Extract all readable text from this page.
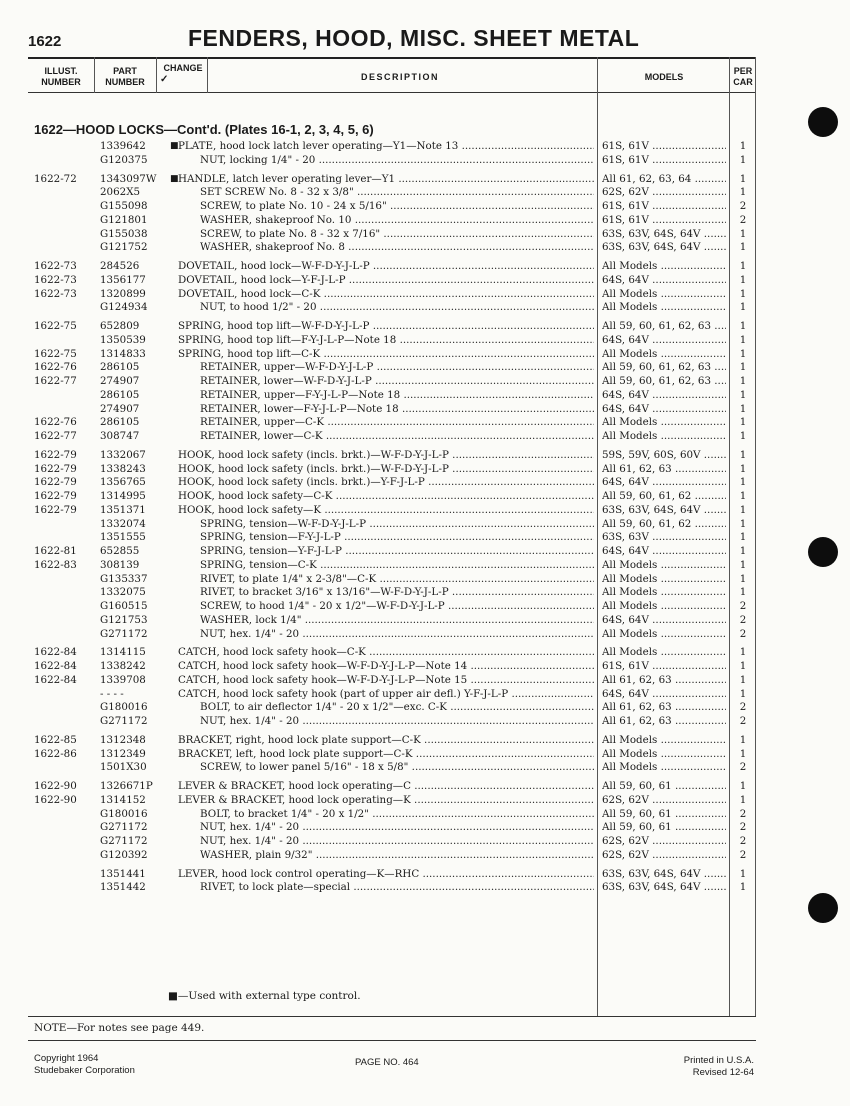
1622	FENDERS, HOOD, MISC. SHEET METAL
ILLUST.
NUMBER
PART
NUMBER
CHANGE
✓	DESCRIPTION	MODELS
PER
CAR
1622—HOOD LOCKS—Cont'd. (Plates 16-1, 2, 3, 4, 5, 6)
1339642	■ PLATE, hood lock latch lever operating—Y1—Note 13 .....	61S, 61V .....	1
G120375	NUT, locking 1/4" - 20 .....	61S, 61V .....	1
1622-72	1343097W ■ HANDLE, latch lever operating lever—Y1 .....	All 61, 62, 63, 64 .....	1
2062X5	SET SCREW No. 8 - 32 x 3/8" .....	62S, 62V .....	1
G155098	SCREW, to plate No. 10 - 24 x 5/16" .....	61S, 61V .....	2
G121801	WASHER, shakeproof No. 10 .....	61S, 61V .....	2
G155038	SCREW, to plate No. 8 - 32 x 7/16" .....	63S, 63V, 64S, 64V .....	1
G121752	WASHER, shakeproof No. 8 .....	63S, 63V, 64S, 64V .....	1
1622-73	284526	DOVETAIL, hood lock—W-F-D-Y-J-L-P .....	All Models .....	1
1622-73	1356177	DOVETAIL, hood lock—Y-F-J-L-P .....	64S, 64V .....	1
1622-73	1320899	DOVETAIL, hood lock—C-K .....	All Models .....	1
G124934	NUT, to hood 1/2" - 20 .....	All Models .....	1
1622-75	652809	SPRING, hood top lift—W-F-D-Y-J-L-P .....	All 59, 60, 61, 62, 63 .....	1
1350539	SPRING, hood top lift—F-Y-J-L-P—Note 18 .....	64S, 64V .....	1
1622-75	1314833	SPRING, hood top lift—C-K .....	All Models .....	1
1622-76	286105	RETAINER, upper—W-F-D-Y-J-L-P .....	All 59, 60, 61, 62, 63 .....	1
1622-77	274907	RETAINER, lower—W-F-D-Y-J-L-P .....	All 59, 60, 61, 62, 63 .....	1
286105	RETAINER, upper—F-Y-J-L-P—Note 18 .....	64S, 64V .....	1
274907	RETAINER, lower—F-Y-J-L-P—Note 18 .....	64S, 64V .....	1
1622-76	286105	RETAINER, upper—C-K .....	All Models .....	1
1622-77	308747	RETAINER, lower—C-K .....	All Models .....	1
1622-79	1332067	HOOK, hood lock safety (incls. brkt.)—W-F-D-Y-J-L-P .....	59S, 59V, 60S, 60V .....	1
1622-79	1338243	HOOK, hood lock safety (incls. brkt.)—W-F-D-Y-J-L-P .....	All 61, 62, 63 .....	1
1622-79	1356765	HOOK, hood lock safety (incls. brkt.)—Y-F-J-L-P .....	64S, 64V .....	1
1622-79	1314995	HOOK, hood lock safety—C-K .....	All 59, 60, 61, 62 .....	1
1622-79	1351371	HOOK, hood lock safety—K .....	63S, 63V, 64S, 64V .....	1
1332074	SPRING, tension—W-F-D-Y-J-L-P .....	All 59, 60, 61, 62 .....	1
1351555	SPRING, tension—F-Y-J-L-P .....	63S, 63V .....	1
1622-81	652855	SPRING, tension—Y-F-J-L-P .....	64S, 64V .....	1
1622-83	308139	SPRING, tension—C-K .....	All Models .....	1
G135337	RIVET, to plate 1/4" x 2-3/8"—C-K .....	All Models .....	1
1332075	RIVET, to bracket 3/16" x 13/16"—W-F-D-Y-J-L-P .....	All Models .....	1
G160515	SCREW, to hood 1/4" - 20 x 1/2"—W-F-D-Y-J-L-P .....	All Models .....	2
G121753	WASHER, lock 1/4" .....	64S, 64V .....	2
G271172	NUT, hex. 1/4" - 20 .....	All Models .....	2
1622-84	1314115	CATCH, hood lock safety hook—C-K .....	All Models .....	1
1622-84	1338242	CATCH, hood lock safety hook—W-F-D-Y-J-L-P—Note 14 .....	61S, 61V .....	1
1622-84	1339708	CATCH, hood lock safety hook—W-F-D-Y-J-L-P—Note 15 .....	All 61, 62, 63 .....	1
- - - -	CATCH, hood lock safety hook (part of upper air defl.) Y-F-J-L-P .....	64S, 64V .....	1
G180016	BOLT, to air deflector 1/4" - 20 x 1/2"—exc. C-K .....	All 61, 62, 63 .....	2
G271172	NUT, hex. 1/4" - 20 .....	All 61, 62, 63 .....	2
1622-85	1312348	BRACKET, right, hood lock plate support—C-K .....	All Models .....	1
1622-86	1312349	BRACKET, left, hood lock plate support—C-K .....	All Models .....	1
1501X30	SCREW, to lower panel 5/16" - 18 x 5/8" .....	All Models .....	2
1622-90	1326671P	LEVER & BRACKET, hood lock operating—C .....	All 59, 60, 61 .....	1
1622-90	1314152	LEVER & BRACKET, hood lock operating—K .....	62S, 62V .....	1
G180016	BOLT, to bracket 1/4" - 20 x 1/2" .....	All 59, 60, 61 .....	2
G271172	NUT, hex. 1/4" - 20 .....	All 59, 60, 61 .....	2
G271172	NUT, hex. 1/4" - 20 .....	62S, 62V .....	2
G120392	WASHER, plain 9/32" .....	62S, 62V .....	2
1351441	LEVER, hood lock control operating—K—RHC .....	63S, 63V, 64S, 64V .....	1
1351442	RIVET, to lock plate—special .....	63S, 63V, 64S, 64V .....	1
■—Used with external type control.
NOTE—For notes see page 449.
Copyright 1964
Studebaker Corporation
PAGE NO. 464	Printed in U.S.A.
Revised 12-64
